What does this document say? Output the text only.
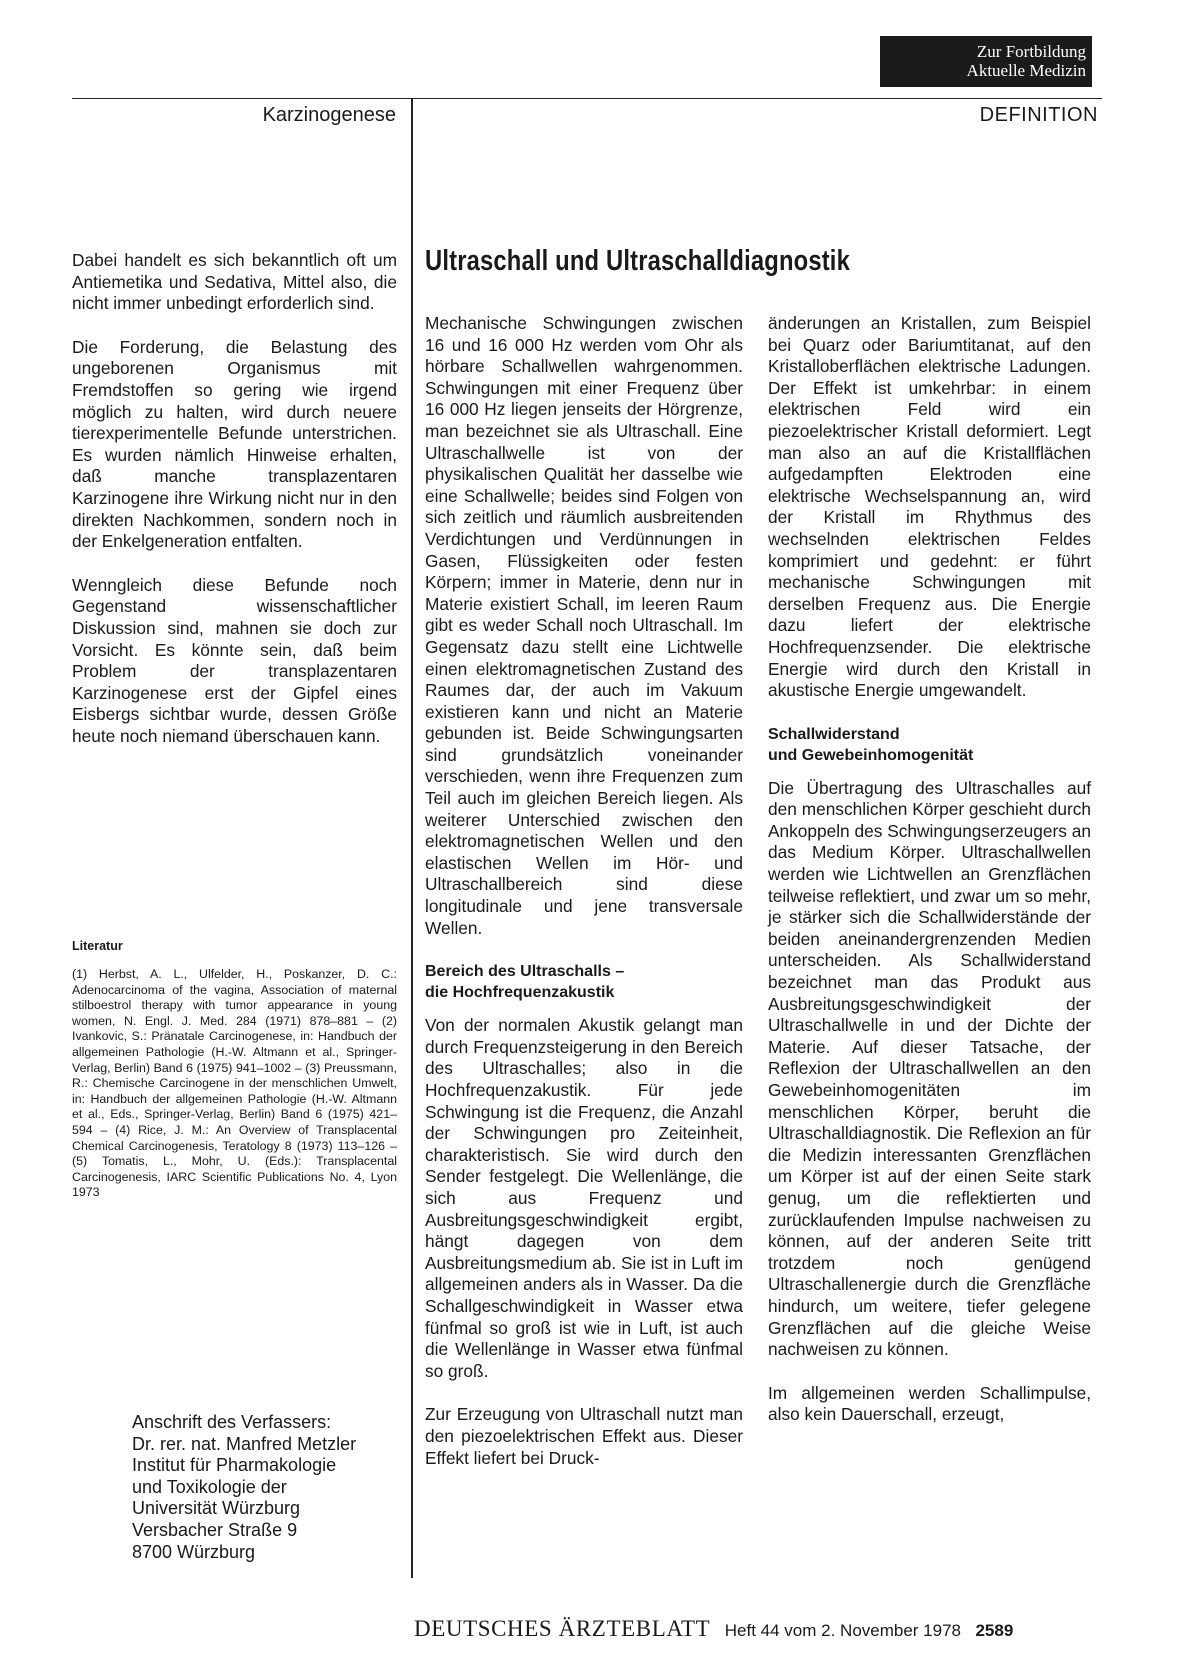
Zur Fortbildung
Aktuelle Medizin
Karzinogenese	DEFINITION

Dabei handelt es sich bekanntlich oft um Antiemetika und Sedativa, Mittel also, die nicht immer unbedingt erforderlich sind.

Die Forderung, die Belastung des ungeborenen Organismus mit Fremdstoffen so gering wie irgend möglich zu halten, wird durch neuere tierexperimentelle Befunde unterstrichen. Es wurden nämlich Hinweise erhalten, daß manche transplazentaren Karzinogene ihre Wirkung nicht nur in den direkten Nachkommen, sondern noch in der Enkelgeneration entfalten.

Wenngleich diese Befunde noch Gegenstand wissenschaftlicher Diskussion sind, mahnen sie doch zur Vorsicht. Es könnte sein, daß beim Problem der transplazentaren Karzinogenese erst der Gipfel eines Eisbergs sichtbar wurde, dessen Größe heute noch niemand überschauen kann.

Literatur

(1) Herbst, A. L., Ulfelder, H., Poskanzer, D. C.: Adenocarcinoma of the vagina, Association of maternal stilboestrol therapy with tumor appearance in young women, N. Engl. J. Med. 284 (1971) 878–881 – (2) Ivankovic, S.: Pränatale Carcinogenese, in: Handbuch der allgemeinen Pathologie (H.-W. Altmann et al., Springer-Verlag, Berlin) Band 6 (1975) 941–1002 – (3) Preussmann, R.: Chemische Carcinogene in der menschlichen Umwelt, in: Handbuch der allgemeinen Pathologie (H.-W. Altmann et al., Eds., Springer-Verlag, Berlin) Band 6 (1975) 421–594 – (4) Rice, J. M.: An Overview of Transplacental Chemical Carcinogenesis, Teratology 8 (1973) 113–126 – (5) Tomatis, L., Mohr, U. (Eds.): Transplacental Carcinogenesis, IARC Scientific Publications No. 4, Lyon 1973

Anschrift des Verfassers:
Dr. rer. nat. Manfred Metzler
Institut für Pharmakologie
und Toxikologie der
Universität Würzburg
Versbacher Straße 9
8700 Würzburg
Ultraschall und Ultraschalldiagnostik

Mechanische Schwingungen zwischen 16 und 16 000 Hz werden vom Ohr als hörbare Schallwellen wahrgenommen. Schwingungen mit einer Frequenz über 16 000 Hz liegen jenseits der Hörgrenze, man bezeichnet sie als Ultraschall. Eine Ultraschallwelle ist von der physikalischen Qualität her dasselbe wie eine Schallwelle; beides sind Folgen von sich zeitlich und räumlich ausbreitenden Verdichtungen und Verdünnungen in Gasen, Flüssigkeiten oder festen Körpern; immer in Materie, denn nur in Materie existiert Schall, im leeren Raum gibt es weder Schall noch Ultraschall. Im Gegensatz dazu stellt eine Lichtwelle einen elektromagnetischen Zustand des Raumes dar, der auch im Vakuum existieren kann und nicht an Materie gebunden ist. Beide Schwingungsarten sind grundsätzlich voneinander verschieden, wenn ihre Frequenzen zum Teil auch im gleichen Bereich liegen. Als weiterer Unterschied zwischen den elektromagnetischen Wellen und den elastischen Wellen im Hör- und Ultraschallbereich sind diese longitudinale und jene transversale Wellen.

Bereich des Ultraschalls –
die Hochfrequenzakustik

Von der normalen Akustik gelangt man durch Frequenzsteigerung in den Bereich des Ultraschalles; also in die Hochfrequenzakustik. Für jede Schwingung ist die Frequenz, die Anzahl der Schwingungen pro Zeiteinheit, charakteristisch. Sie wird durch den Sender festgelegt. Die Wellenlänge, die sich aus Frequenz und Ausbreitungsgeschwindigkeit ergibt, hängt dagegen von dem Ausbreitungsmedium ab. Sie ist in Luft im allgemeinen anders als in Wasser. Da die Schallgeschwindigkeit in Wasser etwa fünfmal so groß ist wie in Luft, ist auch die Wellenlänge in Wasser etwa fünfmal so groß.

Zur Erzeugung von Ultraschall nutzt man den piezoelektrischen Effekt aus. Dieser Effekt liefert bei Druck-

änderungen an Kristallen, zum Beispiel bei Quarz oder Bariumtitanat, auf den Kristalloberflächen elektrische Ladungen. Der Effekt ist umkehrbar: in einem elektrischen Feld wird ein piezoelektrischer Kristall deformiert. Legt man also an auf die Kristallflächen aufgedampften Elektroden eine elektrische Wechselspannung an, wird der Kristall im Rhythmus des wechselnden elektrischen Feldes komprimiert und gedehnt: er führt mechanische Schwingungen mit derselben Frequenz aus. Die Energie dazu liefert der elektrische Hochfrequenzsender. Die elektrische Energie wird durch den Kristall in akustische Energie umgewandelt.

Schallwiderstand
und Gewebeinhomogenität

Die Übertragung des Ultraschalles auf den menschlichen Körper geschieht durch Ankoppeln des Schwingungserzeugers an das Medium Körper. Ultraschallwellen werden wie Lichtwellen an Grenzflächen teilweise reflektiert, und zwar um so mehr, je stärker sich die Schallwiderstände der beiden aneinandergrenzenden Medien unterscheiden. Als Schallwiderstand bezeichnet man das Produkt aus Ausbreitungsgeschwindigkeit der Ultraschallwelle in und der Dichte der Materie. Auf dieser Tatsache, der Reflexion der Ultraschallwellen an den Gewebeinhomogenitäten im menschlichen Körper, beruht die Ultraschalldiagnostik. Die Reflexion an für die Medizin interessanten Grenzflächen um Körper ist auf der einen Seite stark genug, um die reflektierten und zurücklaufenden Impulse nachweisen zu können, auf der anderen Seite tritt trotzdem noch genügend Ultraschallenergie durch die Grenzfläche hindurch, um weitere, tiefer gelegene Grenzflächen auf die gleiche Weise nachweisen zu können.

Im allgemeinen werden Schallimpulse, also kein Dauerschall, erzeugt,

DEUTSCHES ÄRZTEBLATT Heft 44 vom 2. November 1978 2589
